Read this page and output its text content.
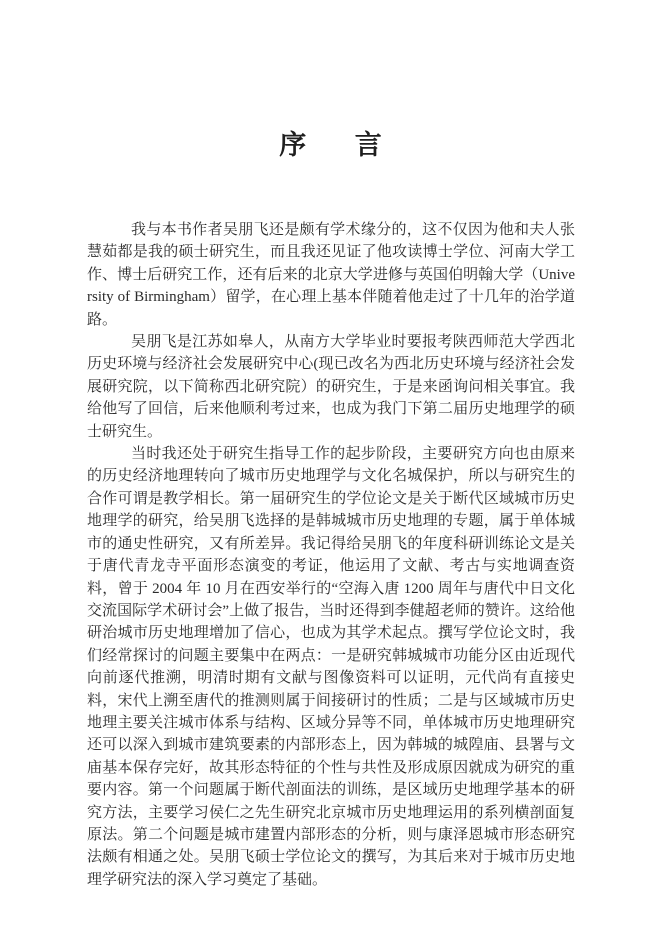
序言

我与本书作者吴朋飞还是颇有学术缘分的，这不仅因为他和夫人张慧茹都是我的硕士研究生，而且我还见证了他攻读博士学位、河南大学工作、博士后研究工作，还有后来的北京大学进修与英国伯明翰大学（University of Birmingham）留学，在心理上基本伴随着他走过了十几年的治学道路。

吴朋飞是江苏如皋人，从南方大学毕业时要报考陕西师范大学西北历史环境与经济社会发展研究中心(现已改名为西北历史环境与经济社会发展研究院，以下简称西北研究院）的研究生，于是来函询问相关事宜。我给他写了回信，后来他顺利考过来，也成为我门下第二届历史地理学的硕士研究生。

当时我还处于研究生指导工作的起步阶段，主要研究方向也由原来的历史经济地理转向了城市历史地理学与文化名城保护，所以与研究生的合作可谓是教学相长。第一届研究生的学位论文是关于断代区域城市历史地理学的研究，给吴朋飞选择的是韩城城市历史地理的专题，属于单体城市的通史性研究，又有所差异。我记得给吴朋飞的年度科研训练论文是关于唐代青龙寺平面形态演变的考证，他运用了文献、考古与实地调查资料，曾于 2004 年 10 月在西安举行的“空海入唐 1200 周年与唐代中日文化交流国际学术研讨会”上做了报告，当时还得到李健超老师的赞许。这给他研治城市历史地理增加了信心，也成为其学术起点。撰写学位论文时，我们经常探讨的问题主要集中在两点：一是研究韩城城市功能分区由近现代向前逐代推溯，明清时期有文献与图像资料可以证明，元代尚有直接史料，宋代上溯至唐代的推测则属于间接研讨的性质；二是与区域城市历史地理主要关注城市体系与结构、区域分异等不同，单体城市历史地理研究还可以深入到城市建筑要素的内部形态上，因为韩城的城隍庙、县署与文庙基本保存完好，故其形态特征的个性与共性及形成原因就成为研究的重要内容。第一个问题属于断代剖面法的训练，是区域历史地理学基本的研究方法，主要学习侯仁之先生研究北京城市历史地理运用的系列横剖面复原法。第二个问题是城市建置内部形态的分析，则与康泽恩城市形态研究法颇有相通之处。吴朋飞硕士学位论文的撰写，为其后来对于城市历史地理学研究法的深入学习奠定了基础。
